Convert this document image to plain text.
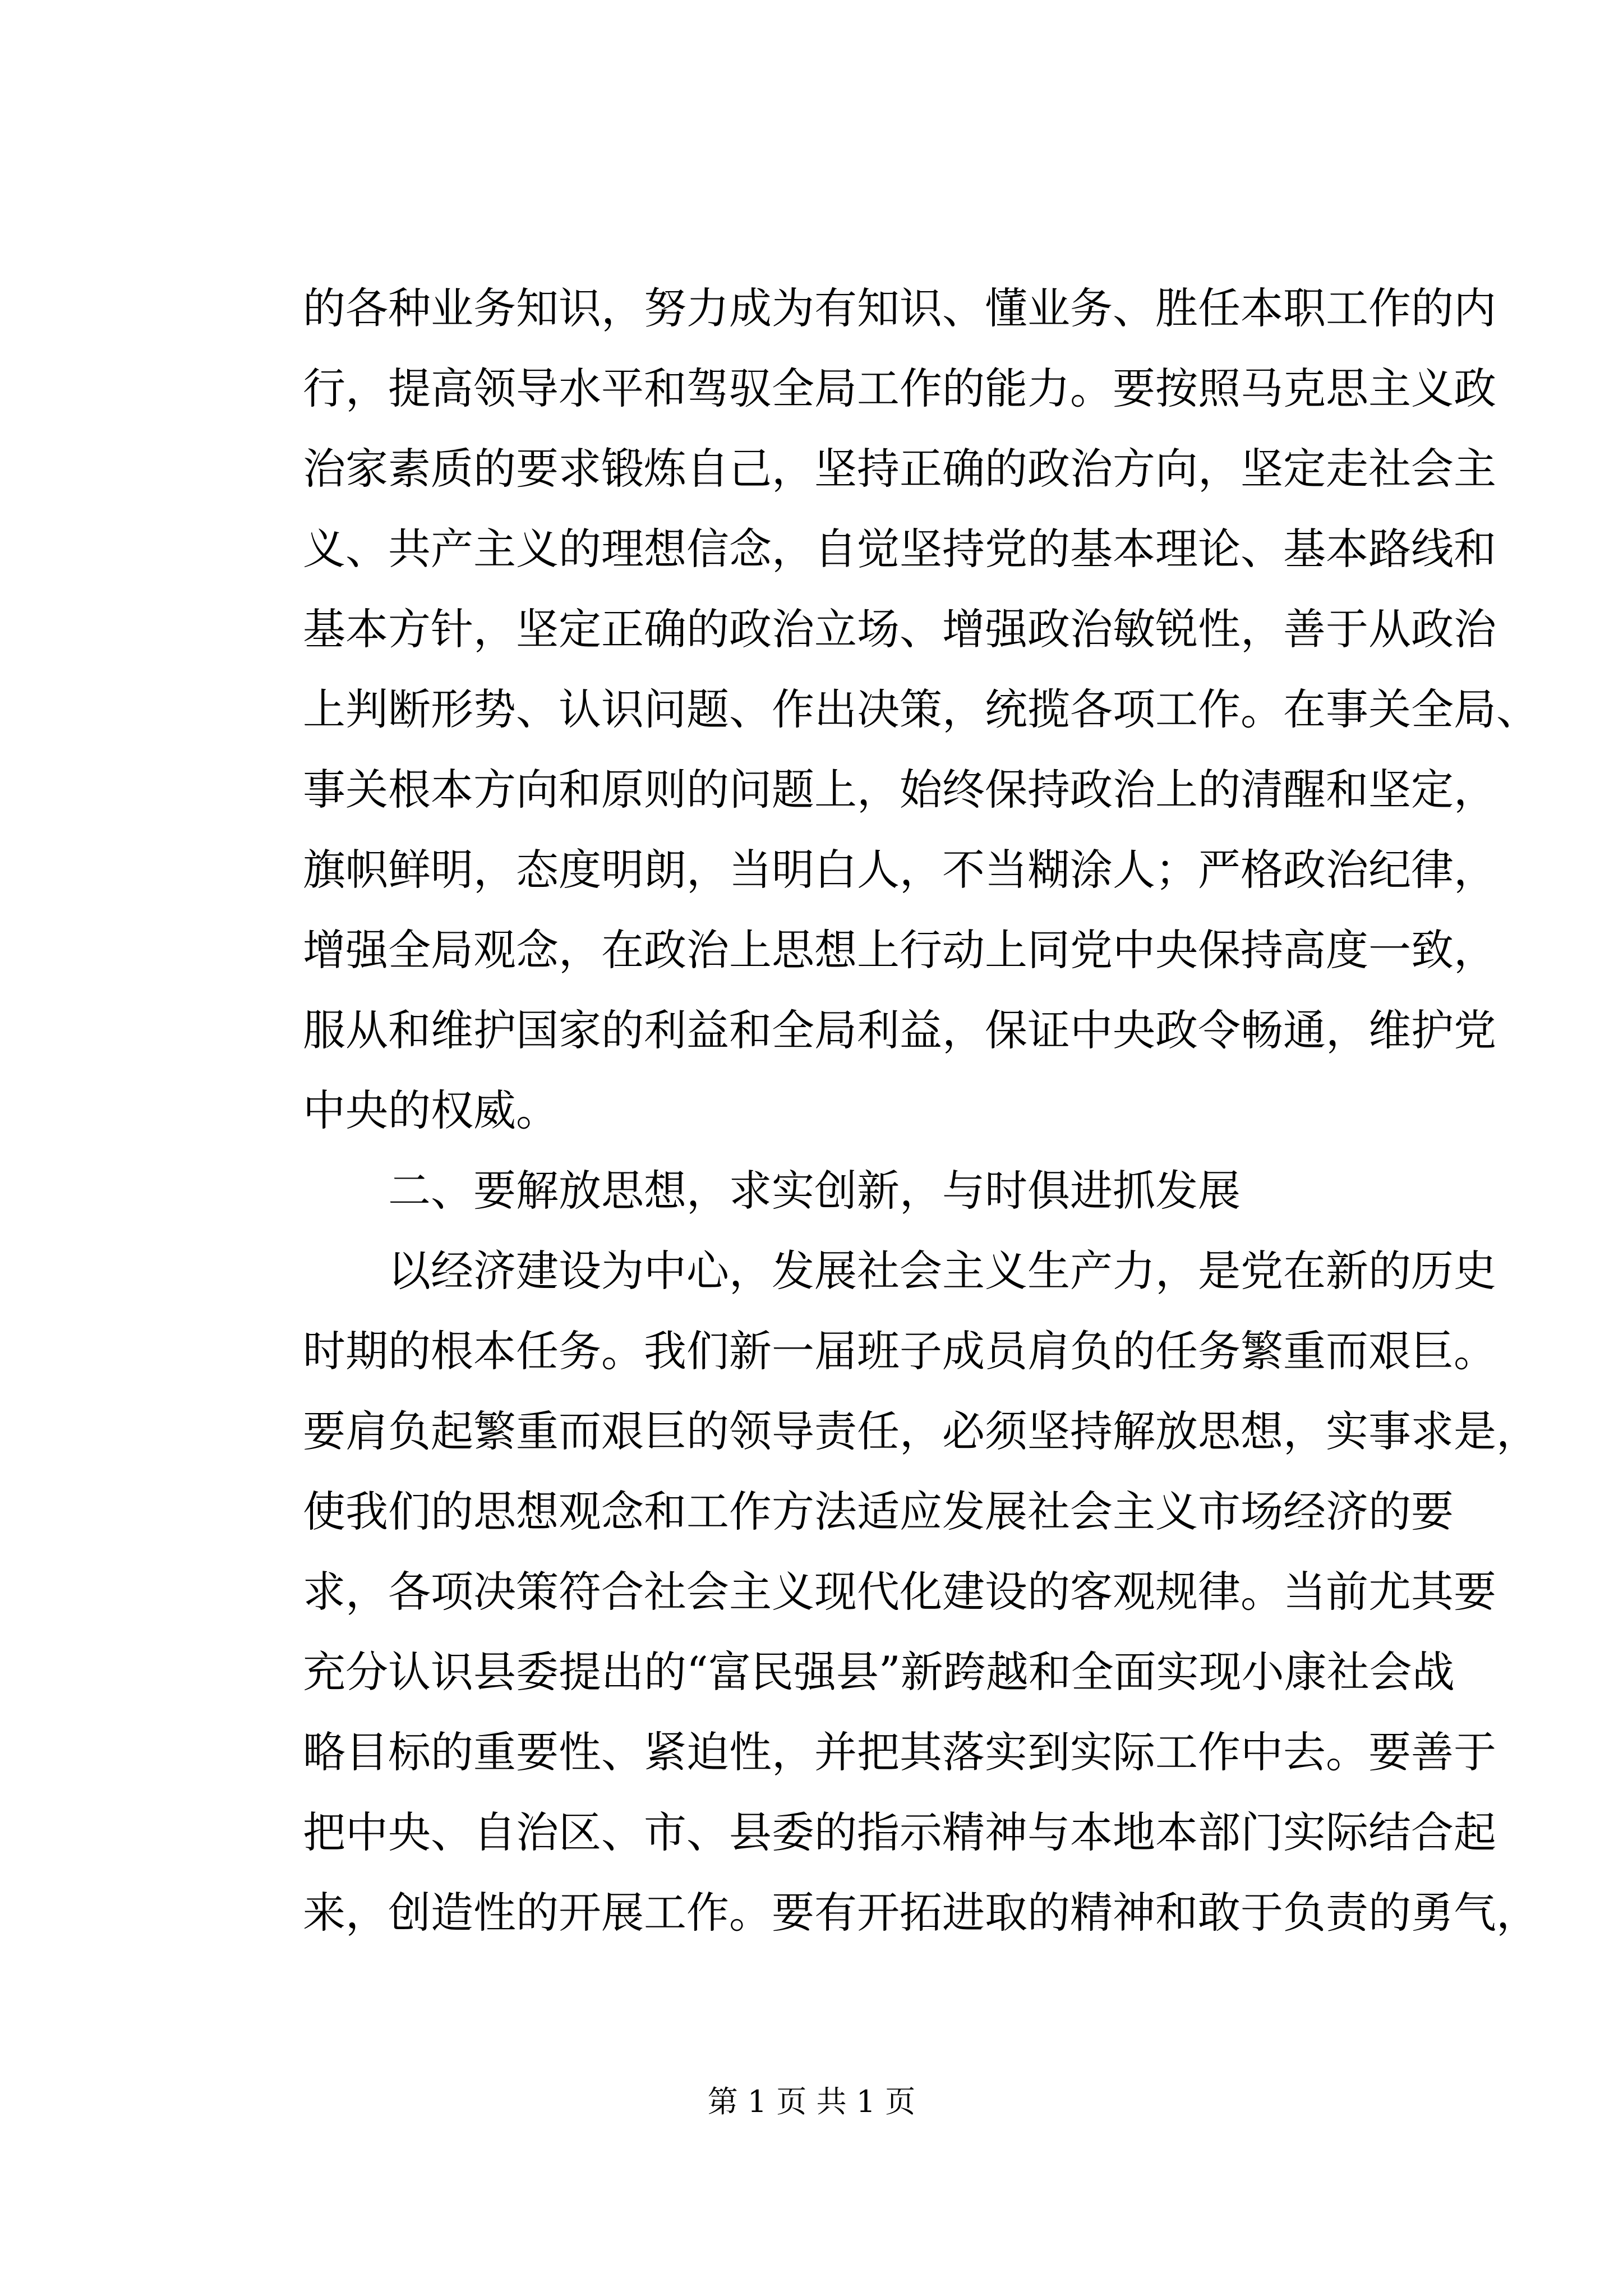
的各种业务知识，努力成为有知识、懂业务、胜任本职工作的内
行，提高领导水平和驾驭全局工作的能力。要按照马克思主义政
治家素质的要求锻炼自己，坚持正确的政治方向，坚定走社会主
义、共产主义的理想信念，自觉坚持党的基本理论、基本路线和
基本方针，坚定正确的政治立场、增强政治敏锐性，善于从政治
上判断形势、认识问题、作出决策，统揽各项工作。在事关全局、
事关根本方向和原则的问题上，始终保持政治上的清醒和坚定，
旗帜鲜明，态度明朗，当明白人，不当糊涂人；严格政治纪律，
增强全局观念，在政治上思想上行动上同党中央保持高度一致，
服从和维护国家的利益和全局利益，保证中央政令畅通，维护党
中央的权威。
二、要解放思想，求实创新，与时俱进抓发展
以经济建设为中心，发展社会主义生产力，是党在新的历史
时期的根本任务。我们新一届班子成员肩负的任务繁重而艰巨。
要肩负起繁重而艰巨的领导责任，必须坚持解放思想，实事求是，
使我们的思想观念和工作方法适应发展社会主义市场经济的要
求，各项决策符合社会主义现代化建设的客观规律。当前尤其要
充分认识县委提出的“富民强县”新跨越和全面实现小康社会战
略目标的重要性、紧迫性，并把其落实到实际工作中去。要善于
把中央、自治区、市、县委的指示精神与本地本部门实际结合起
来，创造性的开展工作。要有开拓进取的精神和敢于负责的勇气，
第 1 页 共 1 页
